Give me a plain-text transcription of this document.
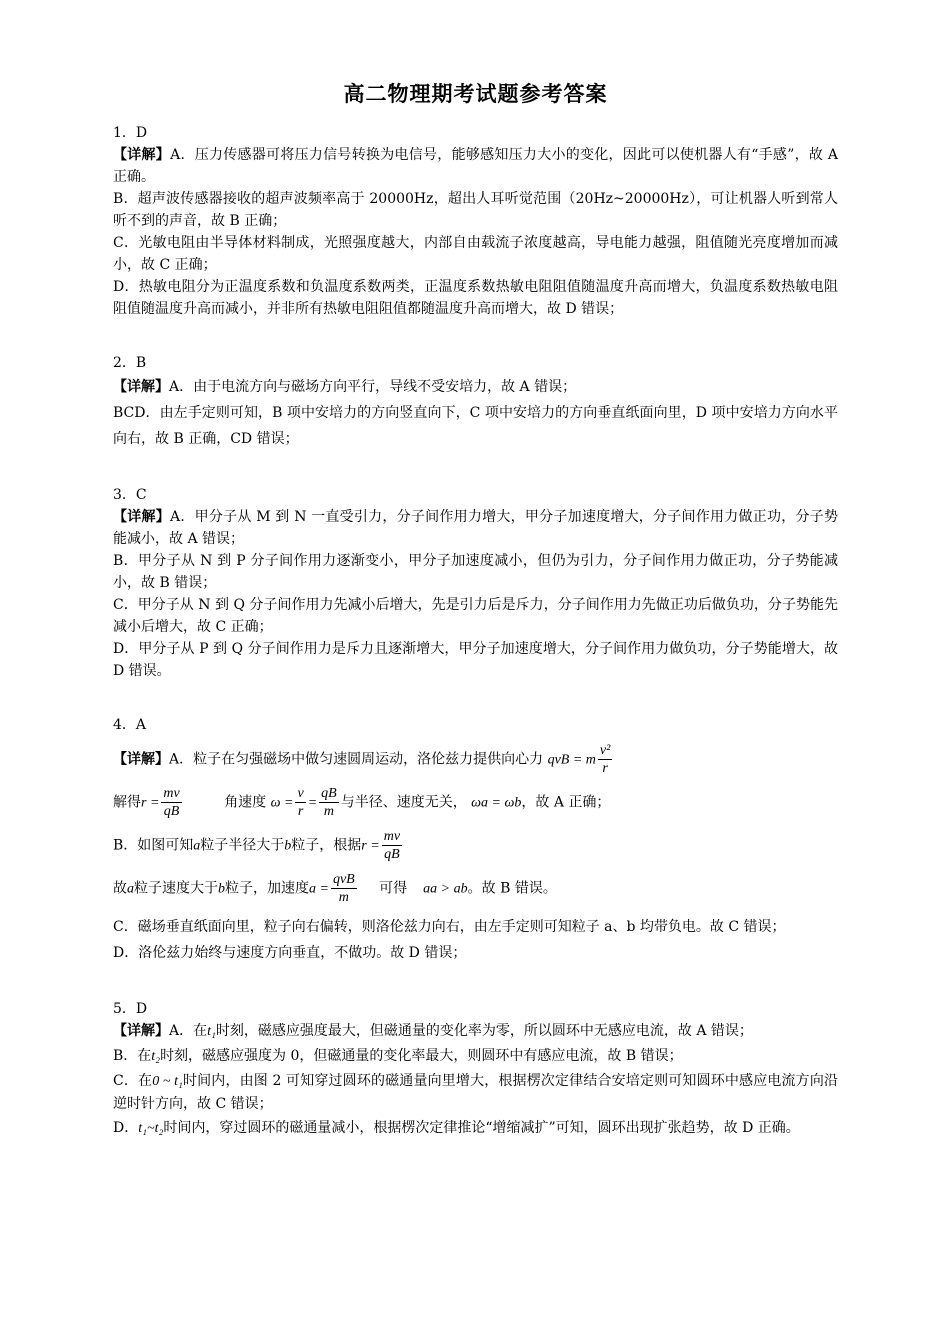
高二物理期考试题参考答案
1．D

【详解】A．压力传感器可将压力信号转换为电信号，能够感知压力大小的变化，因此可以使机器人有“手感”，故 A 正确。

B．超声波传感器接收的超声波频率高于 20000Hz，超出人耳听觉范围（20Hz~20000Hz），可让机器人听到常人听不到的声音，故 B 正确；

C．光敏电阻由半导体材料制成，光照强度越大，内部自由载流子浓度越高，导电能力越强，阻值随光亮度增加而减小，故 C 正确；

D．热敏电阻分为正温度系数和负温度系数两类，正温度系数热敏电阻阻值随温度升高而增大，负温度系数热敏电阻阻值随温度升高而减小，并非所有热敏电阻阻值都随温度升高而增大，故 D 错误；

2．B

【详解】A．由于电流方向与磁场方向平行，导线不受安培力，故 A 错误；

BCD．由左手定则可知，B 项中安培力的方向竖直向下，C 项中安培力的方向垂直纸面向里，D 项中安培力方向水平向右，故 B 正确，CD 错误；

3．C

【详解】A．甲分子从 M 到 N 一直受引力，分子间作用力增大，甲分子加速度增大，分子间作用力做正功，分子势能减小，故 A 错误；

B．甲分子从 N 到 P 分子间作用力逐渐变小，甲分子加速度减小，但仍为引力，分子间作用力做正功，分子势能减小，故 B 错误；

C．甲分子从 N 到 Q 分子间作用力先减小后增大，先是引力后是斥力，分子间作用力先做正功后做负功，分子势能先减小后增大，故 C 正确；

D．甲分子从 P 到 Q 分子间作用力是斥力且逐渐增大，甲分子加速度增大，分子间作用力做负功，分子势能增大，故 D 错误。

4．A

【详解】A．粒子在匀强磁场中做匀速圆周运动，洛伦兹力提供向心力 qvB = m $\frac{\text{v²}}{r}$

解得$r = \frac{mv}{qB}$	角速度 $\omega = \frac{v}{r} = \frac{qB}{m}$ 与半径、速度无关， ωa = ωb，故 A 正确；

B．如图可知a粒子半径大于b粒子，根据$r = \frac{mv}{qB}$

故a粒子速度大于b粒子，加速度$a = \frac{\text{qvB}}{m}$ 可得 aa > ab。故 B 错误。

C．磁场垂直纸面向里，粒子向右偏转，则洛伦兹力向右，由左手定则可知粒子 a、b 均带负电。故 C 错误；

D．洛伦兹力始终与速度方向垂直，不做功。故 D 错误；

5．D

【详解】A．在t₁时刻，磁感应强度最大，但磁通量的变化率为零，所以圆环中无感应电流，故 A 错误；

B．在t₂时刻，磁感应强度为 0，但磁通量的变化率最大，则圆环中有感应电流，故 B 错误；

C．在0 ~ t₁时间内，由图 2 可知穿过圆环的磁通量向里增大，根据楞次定律结合安培定则可知圆环中感应电流方向沿逆时针方向，故 C 错误；

D．t₁~t₂时间内，穿过圆环的磁通量减小，根据楞次定律推论“增缩减扩”可知，圆环出现扩张趋势，故 D 正确。
